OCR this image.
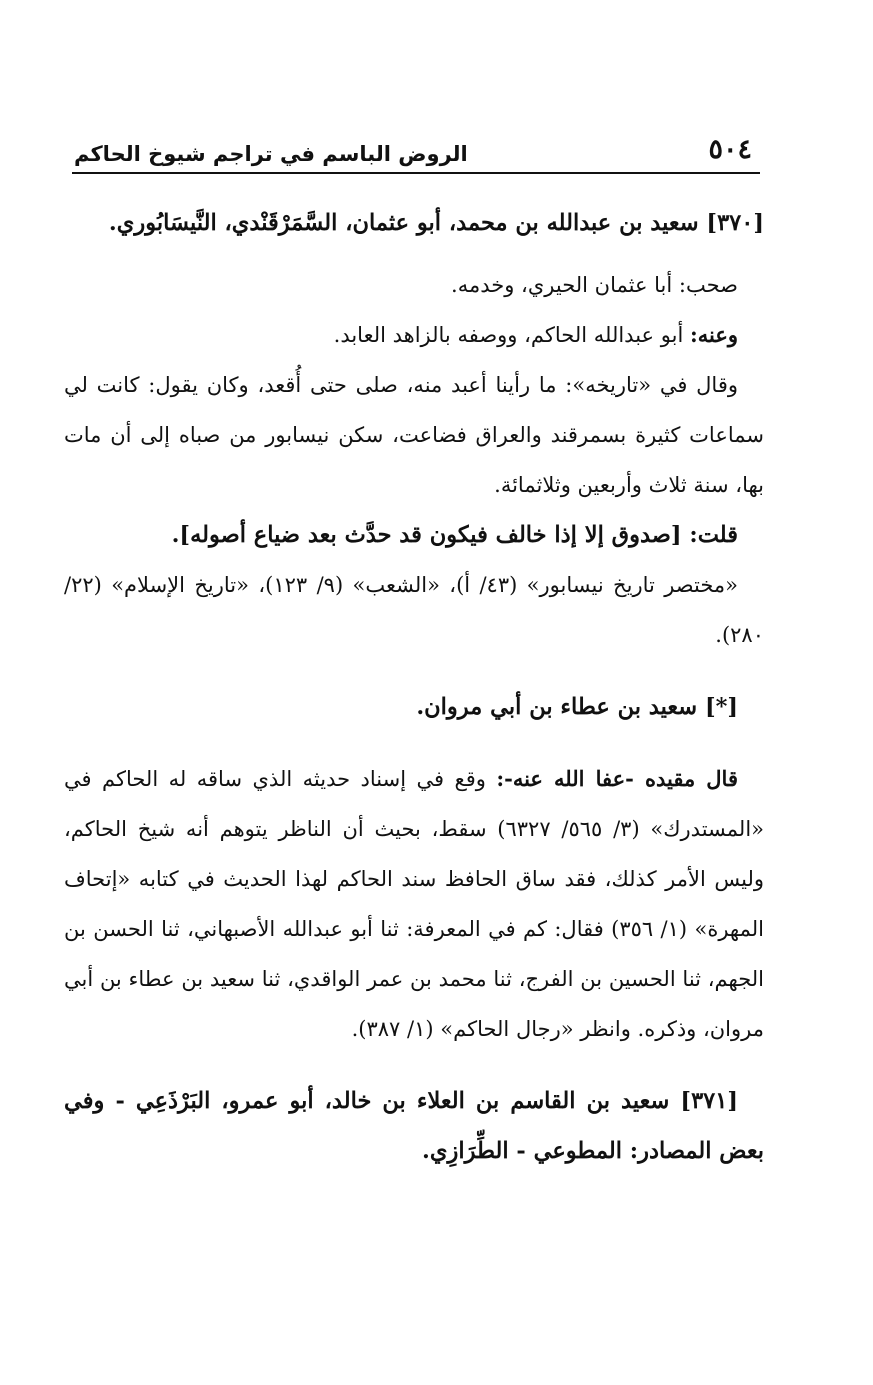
٥٠٤
الروض الباسم في تراجم شيوخ الحاكم

[٣٧٠] سعيد بن عبدالله بن محمد، أبو عثمان، السَّمَرْقَنْدي، النَّيسَابُوري.

صحب: أبا عثمان الحيري، وخدمه.

وعنه: أبو عبدالله الحاكم، ووصفه بالزاهد العابد.

وقال في «تاريخه»: ما رأينا أعبد منه، صلى حتى أُقعد، وكان يقول: كانت لي سماعات كثيرة بسمرقند والعراق فضاعت، سكن نيسابور من صباه إلى أن مات بها، سنة ثلاث وأربعين وثلاثمائة.

قلت: [صدوق إلا إذا خالف فيكون قد حدَّث بعد ضياع أصوله].

«مختصر تاريخ نيسابور» (٤٣/ أ)، «الشعب» (٩/ ١٢٣)، «تاريخ الإسلام» (٢٢/ ٢٨٠).

[*] سعيد بن عطاء بن أبي مروان.

قال مقيده -عفا الله عنه-: وقع في إسناد حديثه الذي ساقه له الحاكم في «المستدرك» (٣/ ٥٦٥/ ٦٣٢٧) سقط، بحيث أن الناظر يتوهم أنه شيخ الحاكم، وليس الأمر كذلك، فقد ساق الحافظ سند الحاكم لهذا الحديث في كتابه «إتحاف المهرة» (١/ ٣٥٦) فقال: كم في المعرفة: ثنا أبو عبدالله الأصبهاني، ثنا الحسن بن الجهم، ثنا الحسين بن الفرج، ثنا محمد بن عمر الواقدي، ثنا سعيد بن عطاء بن أبي مروان، وذكره. وانظر «رجال الحاكم» (١/ ٣٨٧).

[٣٧١] سعيد بن القاسم بن العلاء بن خالد، أبو عمرو، البَرْذَعِي - وفي بعض المصادر: المطوعي - الطِّرَازِي.
